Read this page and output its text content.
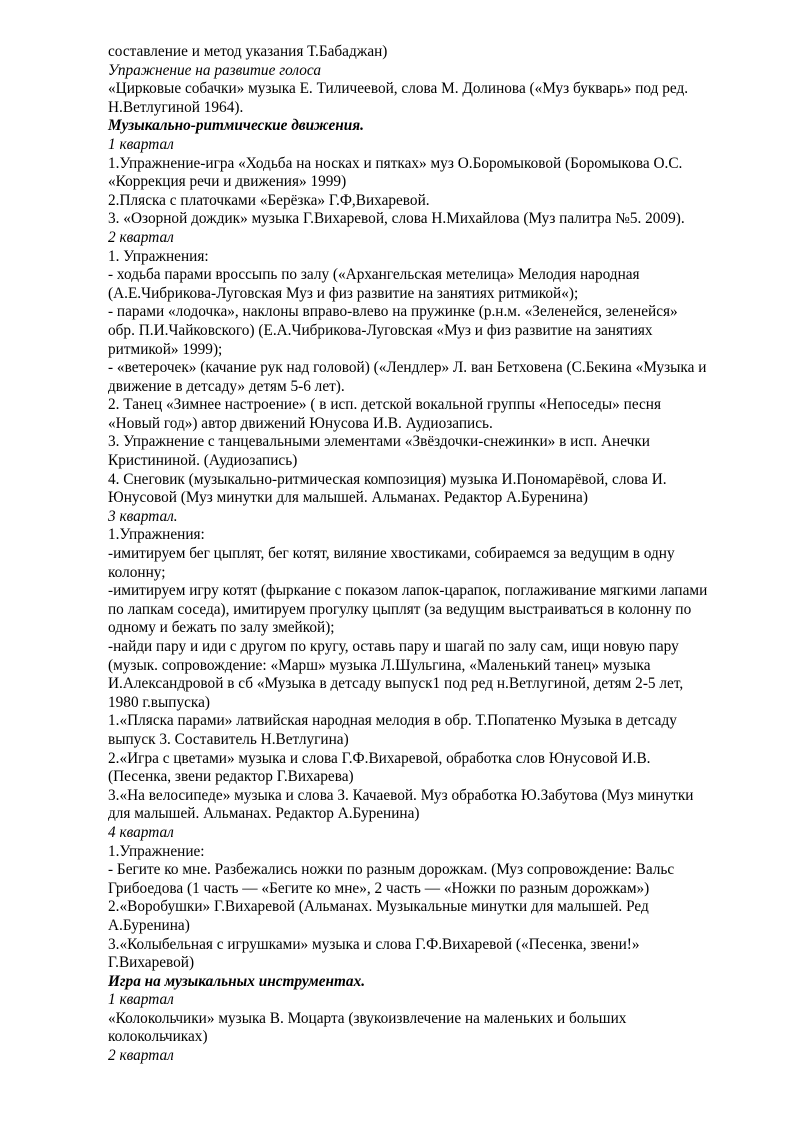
составление и метод указания Т.Бабаджан)
Упражнение на развитие голоса
«Цирковые собачки» музыка Е. Тиличеевой, слова М. Долинова («Муз букварь» под ред.
Н.Ветлугиной 1964).
Музыкально-ритмические движения.
1 квартал
1.Упражнение-игра «Ходьба на носках и пятках» муз О.Боромыковой (Боромыкова О.С.
«Коррекция речи и движения» 1999)
2.Пляска с платочками «Берёзка» Г.Ф,Вихаревой.
3. «Озорной дождик» музыка Г.Вихаревой, слова Н.Михайлова (Муз палитра №5. 2009).
2 квартал
1. Упражнения:
- ходьба парами вроссыпь по залу («Архангельская метелица» Мелодия народная
(А.Е.Чибрикова-Луговская Муз и физ развитие на занятиях ритмикой«);
- парами «лодочка», наклоны вправо-влево на пружинке (р.н.м. «Зеленейся, зеленейся»
обр. П.И.Чайковского) (Е.А.Чибрикова-Луговская «Муз и физ развитие на занятиях
ритмикой» 1999);
- «ветерочек» (качание рук над головой) («Лендлер» Л. ван Бетховена (С.Бекина «Музыка и
движение в детсаду» детям 5-6 лет).
2. Танец «Зимнее настроение» ( в исп. детской вокальной группы «Непоседы» песня
«Новый год») автор движений Юнусова И.В. Аудиозапись.
3. Упражнение с танцевальными элементами «Звёздочки-снежинки» в исп. Анечки
Кристининой. (Аудиозапись)
4. Снеговик (музыкально-ритмическая композиция) музыка И.Пономарёвой, слова И.
Юнусовой (Муз минутки для малышей. Альманах. Редактор А.Буренина)
3 квартал.
1.Упражнения:
-имитируем бег цыплят, бег котят, виляние хвостиками, собираемся за ведущим в одну
колонну;
-имитируем игру котят (фыркание с показом лапок-царапок, поглаживание мягкими лапами
по лапкам соседа), имитируем прогулку цыплят (за ведущим выстраиваться в колонну по
одному и бежать по залу змейкой);
-найди пару и иди с другом по кругу, оставь пару и шагай по залу сам, ищи новую пару
(музык. сопровождение: «Марш» музыка Л.Шульгина, «Маленький танец» музыка
И.Александровой в сб «Музыка в детсаду выпуск1 под ред н.Ветлугиной, детям 2-5 лет,
1980 г.выпуска)
1.«Пляска парами» латвийская народная мелодия в обр. Т.Попатенко Музыка в детсаду
выпуск 3. Составитель Н.Ветлугина)
2.«Игра с цветами» музыка и слова Г.Ф.Вихаревой, обработка слов Юнусовой И.В.
(Песенка, звени редактор Г.Вихарева)
3.«На велосипеде» музыка и слова З. Качаевой. Муз обработка Ю.Забутова (Муз минутки
для малышей. Альманах. Редактор А.Буренина)
4 квартал
1.Упражнение:
- Бегите ко мне. Разбежались ножки по разным дорожкам. (Муз сопровождение: Вальс
Грибоедова (1 часть — «Бегите ко мне», 2 часть — «Ножки по разным дорожкам»)
2.«Воробушки» Г.Вихаревой (Альманах. Музыкальные минутки для малышей. Ред
А.Буренина)
3.«Колыбельная с игрушками» музыка и слова Г.Ф.Вихаревой («Песенка, звени!»
Г.Вихаревой)
Игра на музыкальных инструментах.
1 квартал
«Колокольчики» музыка В. Моцарта (звукоизвлечение на маленьких и больших
колокольчиках)
2 квартал
